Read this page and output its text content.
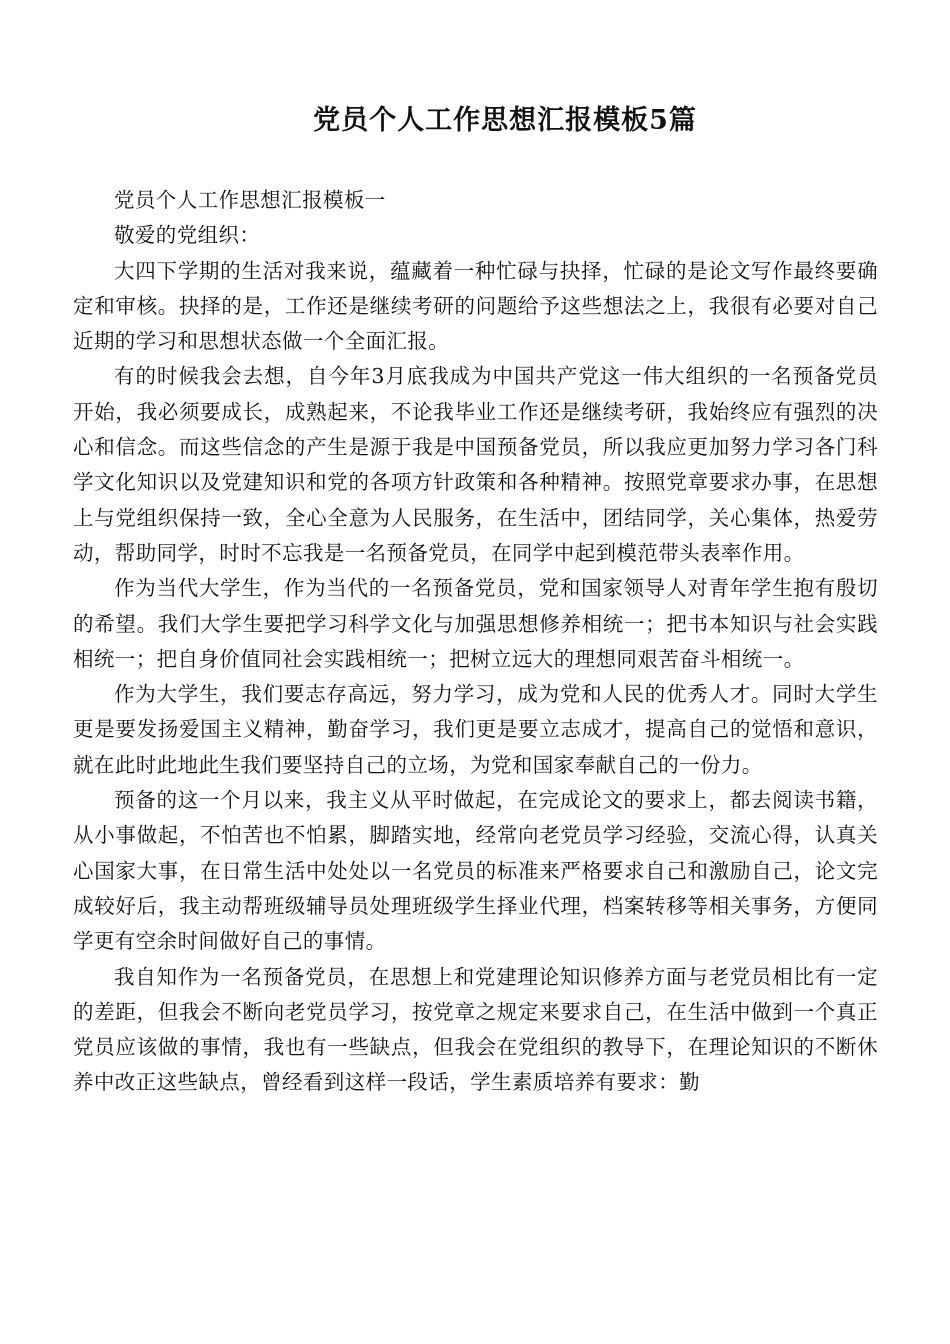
党员个人工作思想汇报模板5篇

党员个人工作思想汇报模板一

敬爱的党组织：

大四下学期的生活对我来说，蕴藏着一种忙碌与抉择，忙碌的是论文写作最终要确定和审核。抉择的是，工作还是继续考研的问题给予这些想法之上，我很有必要对自己近期的学习和思想状态做一个全面汇报。

有的时候我会去想，自今年3月底我成为中国共产党这一伟大组织的一名预备党员开始，我必须要成长，成熟起来，不论我毕业工作还是继续考研，我始终应有强烈的决心和信念。而这些信念的产生是源于我是中国预备党员，所以我应更加努力学习各门科学文化知识以及党建知识和党的各项方针政策和各种精神。按照党章要求办事，在思想上与党组织保持一致，全心全意为人民服务，在生活中，团结同学，关心集体，热爱劳动，帮助同学，时时不忘我是一名预备党员，在同学中起到模范带头表率作用。

作为当代大学生，作为当代的一名预备党员，党和国家领导人对青年学生抱有殷切的希望。我们大学生要把学习科学文化与加强思想修养相统一；把书本知识与社会实践相统一；把自身价值同社会实践相统一；把树立远大的理想同艰苦奋斗相统一。

作为大学生，我们要志存高远，努力学习，成为党和人民的优秀人才。同时大学生更是要发扬爱国主义精神，勤奋学习，我们更是要立志成才，提高自己的觉悟和意识，就在此时此地此生我们要坚持自己的立场，为党和国家奉献自己的一份力。

预备的这一个月以来，我主义从平时做起，在完成论文的要求上，都去阅读书籍，从小事做起，不怕苦也不怕累，脚踏实地，经常向老党员学习经验，交流心得，认真关心国家大事，在日常生活中处处以一名党员的标准来严格要求自己和激励自己，论文完成较好后，我主动帮班级辅导员处理班级学生择业代理，档案转移等相关事务，方便同学更有空余时间做好自己的事情。

我自知作为一名预备党员，在思想上和党建理论知识修养方面与老党员相比有一定的差距，但我会不断向老党员学习，按党章之规定来要求自己，在生活中做到一个真正党员应该做的事情，我也有一些缺点，但我会在党组织的教导下，在理论知识的不断休养中改正这些缺点，曾经看到这样一段话，学生素质培养有要求：勤
